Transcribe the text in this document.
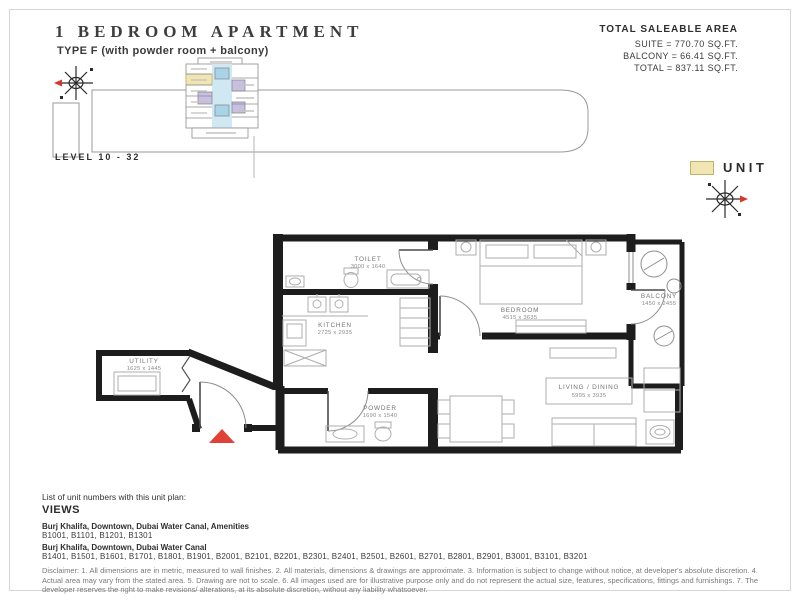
1 BEDROOM APARTMENT
TYPE F (with powder room + balcony)
TOTAL SALEABLE AREA
SUITE = 770.70 SQ.FT.
BALCONY = 66.41 SQ.FT.
TOTAL = 837.11 SQ.FT.
LEVEL 10 - 32
UNIT
TOILET
3000 x 1640
KITCHEN
2725 x 2935
BEDROOM
4515 x 3635
BALCONY
1450 x 2455
UTILITY
1625 x 1445
POWDER
1690 x 1540
LIVING / DINING
5995 x 3935
List of unit numbers with this unit plan:
VIEWS
Burj Khalifa, Downtown, Dubai Water Canal, Amenities
B1001, B1101, B1201, B1301
Burj Khalifa, Downtown, Dubai Water Canal
B1401, B1501, B1601, B1701, B1801, B1901, B2001, B2101, B2201, B2301, B2401, B2501, B2601, B2701, B2801, B2901, B3001, B3101, B3201
Disclaimer: 1. All dimensions are in metric, measured to wall finishes. 2. All materials, dimensions & drawings are approximate. 3. Information is subject to change without notice, at developer's absolute discretion. 4. Actual area may vary from the stated area. 5. Drawing are not to scale. 6. All images used are for illustrative purpose only and do not represent the actual size, features, specifications, fittings and furnishings. 7. The developer reserves the right to make revisions/ alterations, at its absolute discretion, without any liability whatsoever.
